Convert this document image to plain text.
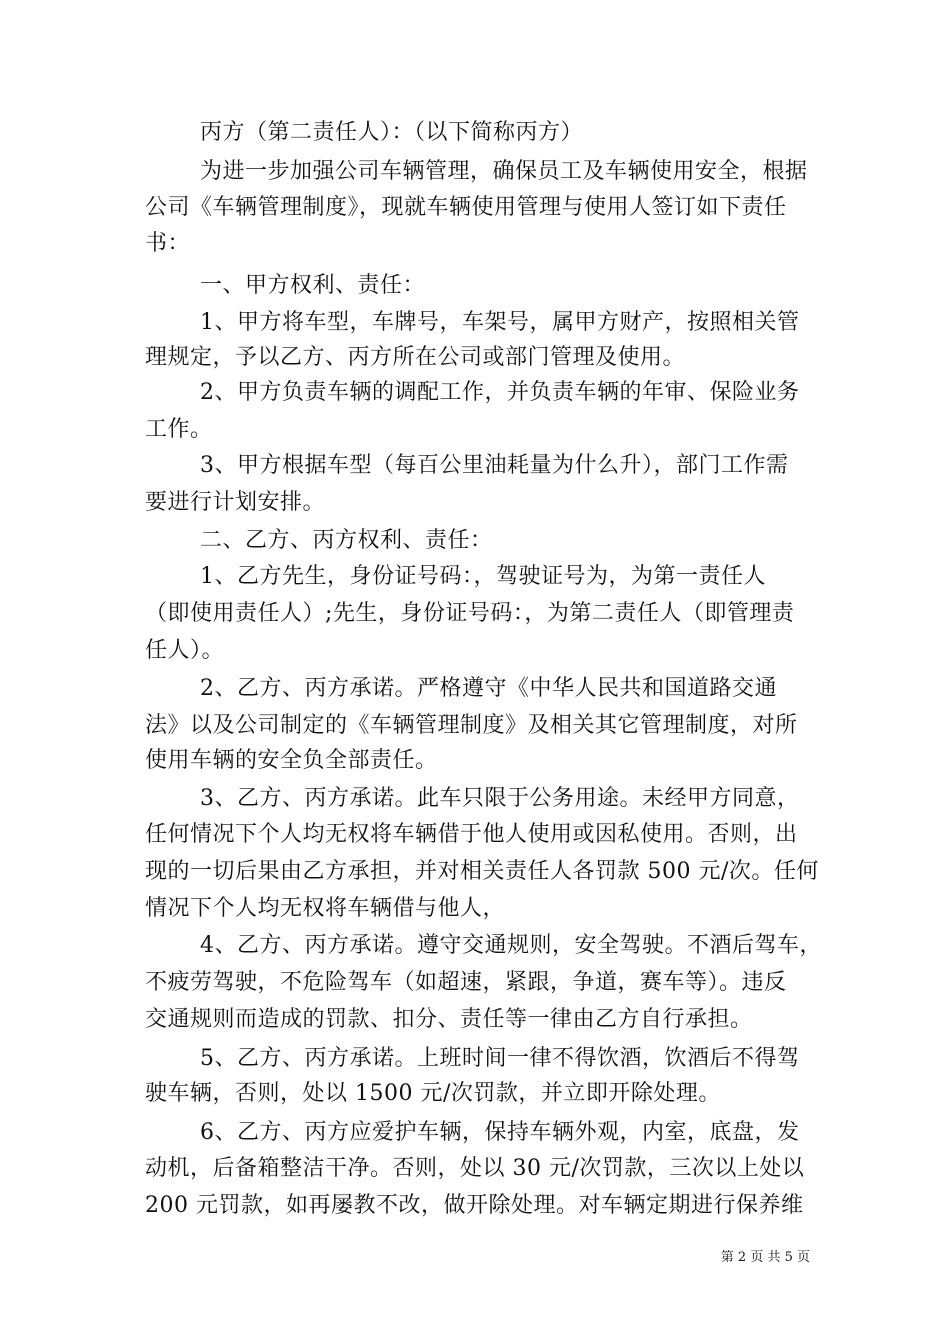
丙方（第二责任人）：（以下简称丙方）
为进一步加强公司车辆管理，确保员工及车辆使用安全，根据
公司《车辆管理制度》，现就车辆使用管理与使用人签订如下责任
书：
一、甲方权利、责任：
1、甲方将车型，车牌号，车架号，属甲方财产，按照相关管
理规定，予以乙方、丙方所在公司或部门管理及使用。
2、甲方负责车辆的调配工作，并负责车辆的年审、保险业务
工作。
3、甲方根据车型（每百公里油耗量为什么升），部门工作需
要进行计划安排。
二、乙方、丙方权利、责任：
1、乙方先生，身份证号码：，驾驶证号为，为第一责任人
（即使用责任人）;先生，身份证号码：，为第二责任人（即管理责
任人）。
2、乙方、丙方承诺。严格遵守《中华人民共和国道路交通
法》以及公司制定的《车辆管理制度》及相关其它管理制度，对所
使用车辆的安全负全部责任。
3、乙方、丙方承诺。此车只限于公务用途。未经甲方同意，
任何情况下个人均无权将车辆借于他人使用或因私使用。否则，出
现的一切后果由乙方承担，并对相关责任人各罚款 500 元/次。任何
情况下个人均无权将车辆借与他人，
4、乙方、丙方承诺。遵守交通规则，安全驾驶。不酒后驾车，
不疲劳驾驶，不危险驾车（如超速，紧跟，争道，赛车等）。违反
交通规则而造成的罚款、扣分、责任等一律由乙方自行承担。
5、乙方、丙方承诺。上班时间一律不得饮酒，饮酒后不得驾
驶车辆，否则，处以 1500 元/次罚款，并立即开除处理。
6、乙方、丙方应爱护车辆，保持车辆外观，内室，底盘，发
动机，后备箱整洁干净。否则，处以 30 元/次罚款，三次以上处以
200 元罚款，如再屡教不改，做开除处理。对车辆定期进行保养维
第 2 页 共 5 页
